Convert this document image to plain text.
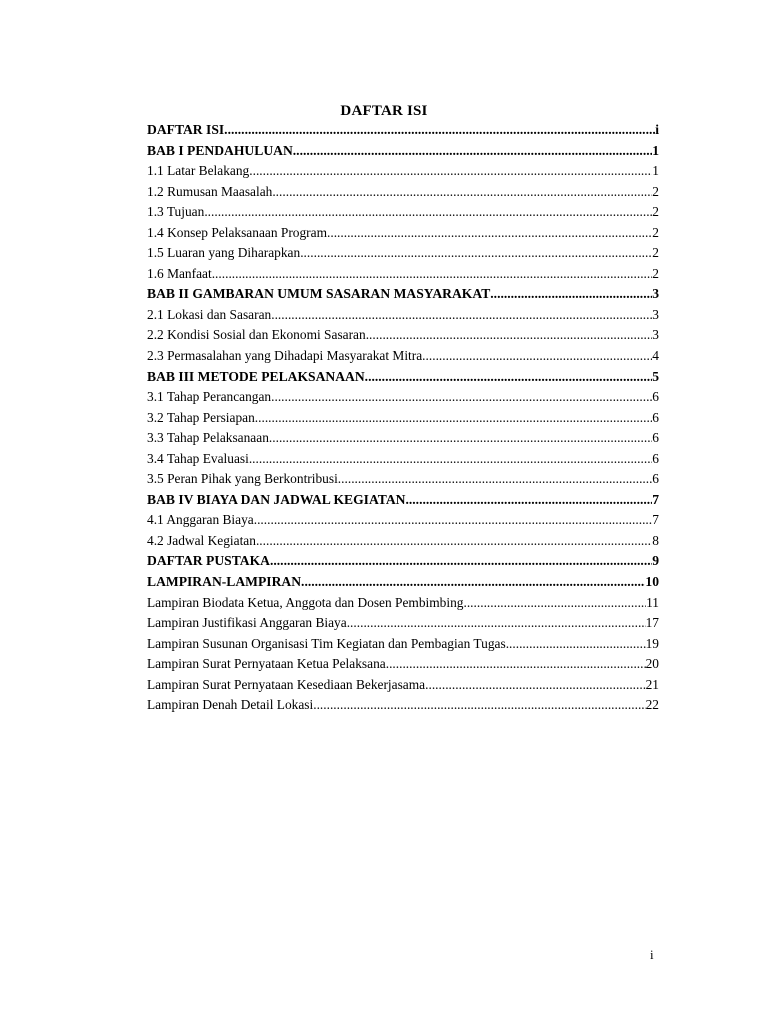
DAFTAR ISI
DAFTAR ISI .....	i
BAB I PENDAHULUAN .....	1
1.1 Latar Belakang .....	1
1.2 Rumusan Maasalah .....	2
1.3 Tujuan .....	2
1.4 Konsep Pelaksanaan Program .....	2
1.5 Luaran yang Diharapkan .....	2
1.6 Manfaat .....	2
BAB II GAMBARAN UMUM SASARAN MASYARAKAT .....	3
2.1 Lokasi dan Sasaran .....	3
2.2 Kondisi Sosial dan Ekonomi Sasaran .....	3
2.3 Permasalahan yang Dihadapi Masyarakat Mitra .....	4
BAB III METODE PELAKSANAAN .....	5
3.1 Tahap Perancangan .....	6
3.2 Tahap Persiapan .....	6
3.3 Tahap Pelaksanaan .....	6
3.4 Tahap Evaluasi .....	6
3.5 Peran Pihak yang Berkontribusi .....	6
BAB IV BIAYA DAN JADWAL KEGIATAN .....	7
4.1 Anggaran Biaya .....	7
4.2 Jadwal Kegiatan .....	8
DAFTAR PUSTAKA .....	9
LAMPIRAN-LAMPIRAN .....	10
Lampiran Biodata Ketua, Anggota dan Dosen Pembimbing .....	11
Lampiran Justifikasi Anggaran Biaya .....	17
Lampiran Susunan Organisasi Tim Kegiatan dan Pembagian Tugas .....	19
Lampiran Surat Pernyataan Ketua Pelaksana .....	20
Lampiran Surat Pernyataan Kesediaan Bekerjasama .....	21
Lampiran Denah Detail Lokasi .....	22
i
